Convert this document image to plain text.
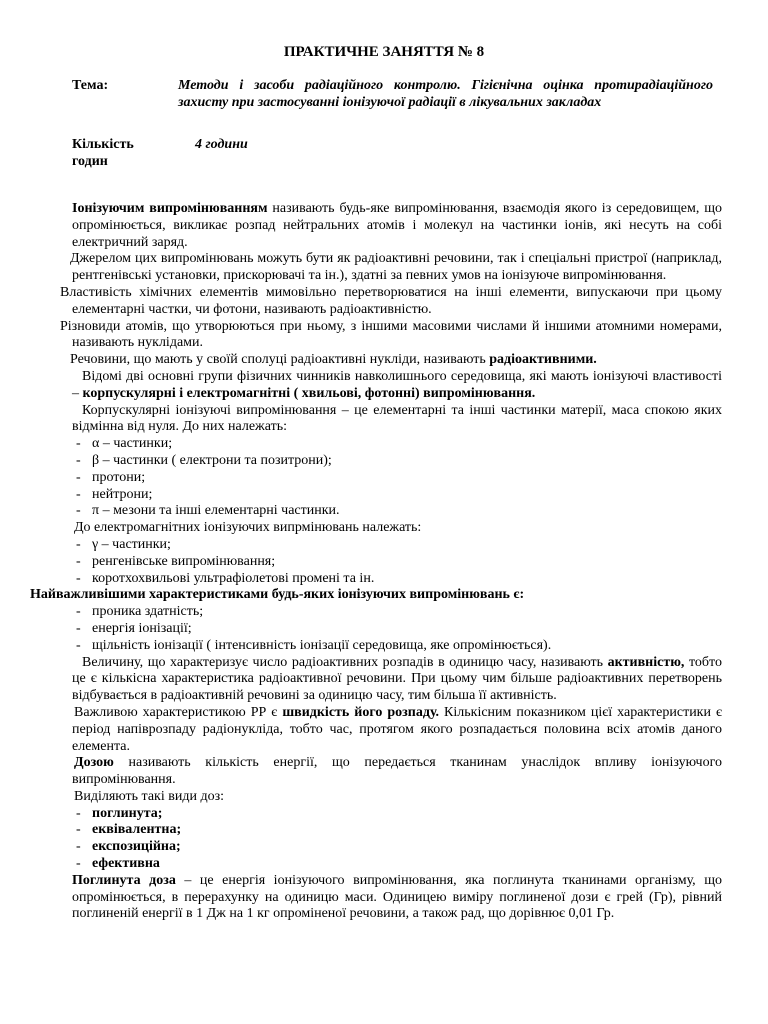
ПРАКТИЧНЕ ЗАНЯТТЯ № 8
Тема:	Методи і засоби радіаційного контролю. Гігієнічна оцінка протирадіаційного захисту при застосуванні іонізуючої радіації в лікувальних закладах
Кількість
годин
4 години

Іонізуючим випромінюванням називають будь-яке випромінювання, взаємодія якого із середовищем, що опромінюється, викликає розпад нейтральних атомів і молекул на частинки іонів, які несуть на собі електричний заряд.

Джерелом цих випромінювань можуть бути як радіоактивні речовини, так і спеціальні пристрої (наприклад, рентгенівські установки, прискорювачі та ін.), здатні за певних умов на іонізуюче випромінювання.

Властивість хімічних елементів мимовільно перетворюватися на інші елементи, випускаючи при цьому елементарні частки, чи фотони, називають радіоактивністю.

Різновиди атомів, що утворюються при ньому, з іншими масовими числами й іншими атомними номерами, називають нуклідами.

Речовини, що мають у своїй сполуці радіоактивні нукліди, називають радіоактивними.

Відомі дві основні групи фізичних чинників навколишнього середовища, які мають іонізуючі властивості – корпускулярні і електромагнітні ( хвильові, фотонні) випромінювання.

Корпускулярні іонізуючі випромінювання – це елементарні та інші частинки матерії, маса спокою яких відмінна від нуля. До них належать:

- α – частинки;
- β – частинки ( електрони та позитрони);
- протони;
- нейтрони;
- π – мезони та інші елементарні частинки.

До електромагнітних іонізуючих випрмінювань належать:

- γ – частинки;
- ренгенівське випромінювання;
- коротхохвильові ультрафіолетові промені та ін.

Найважливішими характеристиками будь-яких іонізуючих випромінювань є:

- проника здатність;
- енергія іонізації;
- щільність іонізації ( інтенсивність іонізації середовища, яке опромінюється).

Величину, що характеризує число радіоактивних розпадів в одиницю часу, називають активністю, тобто це є кількісна характеристика радіоактивної речовини. При цьому чим більше радіоактивних перетворень відбувається в радіоактивній речовині за одиницю часу, тим більша її активність.

Важливою характеристикою РР є швидкість його розпаду. Кількісним показником цієї характеристики є період напіврозпаду радіонукліда, тобто час, протягом якого розпадається половина всіх атомів даного елемента.

Дозою називають кількість енергії, що передається тканинам унаслідок впливу іонізуючого випромінювання.

Виділяють такі види доз:

- поглинута;
- еквівалентна;
- експозиційна;
- ефективна

Поглинута доза – це енергія іонізуючого випромінювання, яка поглинута тканинами організму, що опромінюється, в перерахунку на одиницю маси. Одиницею виміру поглиненої дози є грей (Гр), рівний поглиненій енергії в 1 Дж на 1 кг опроміненої речовини, а також рад, що дорівнює 0,01 Гр.
